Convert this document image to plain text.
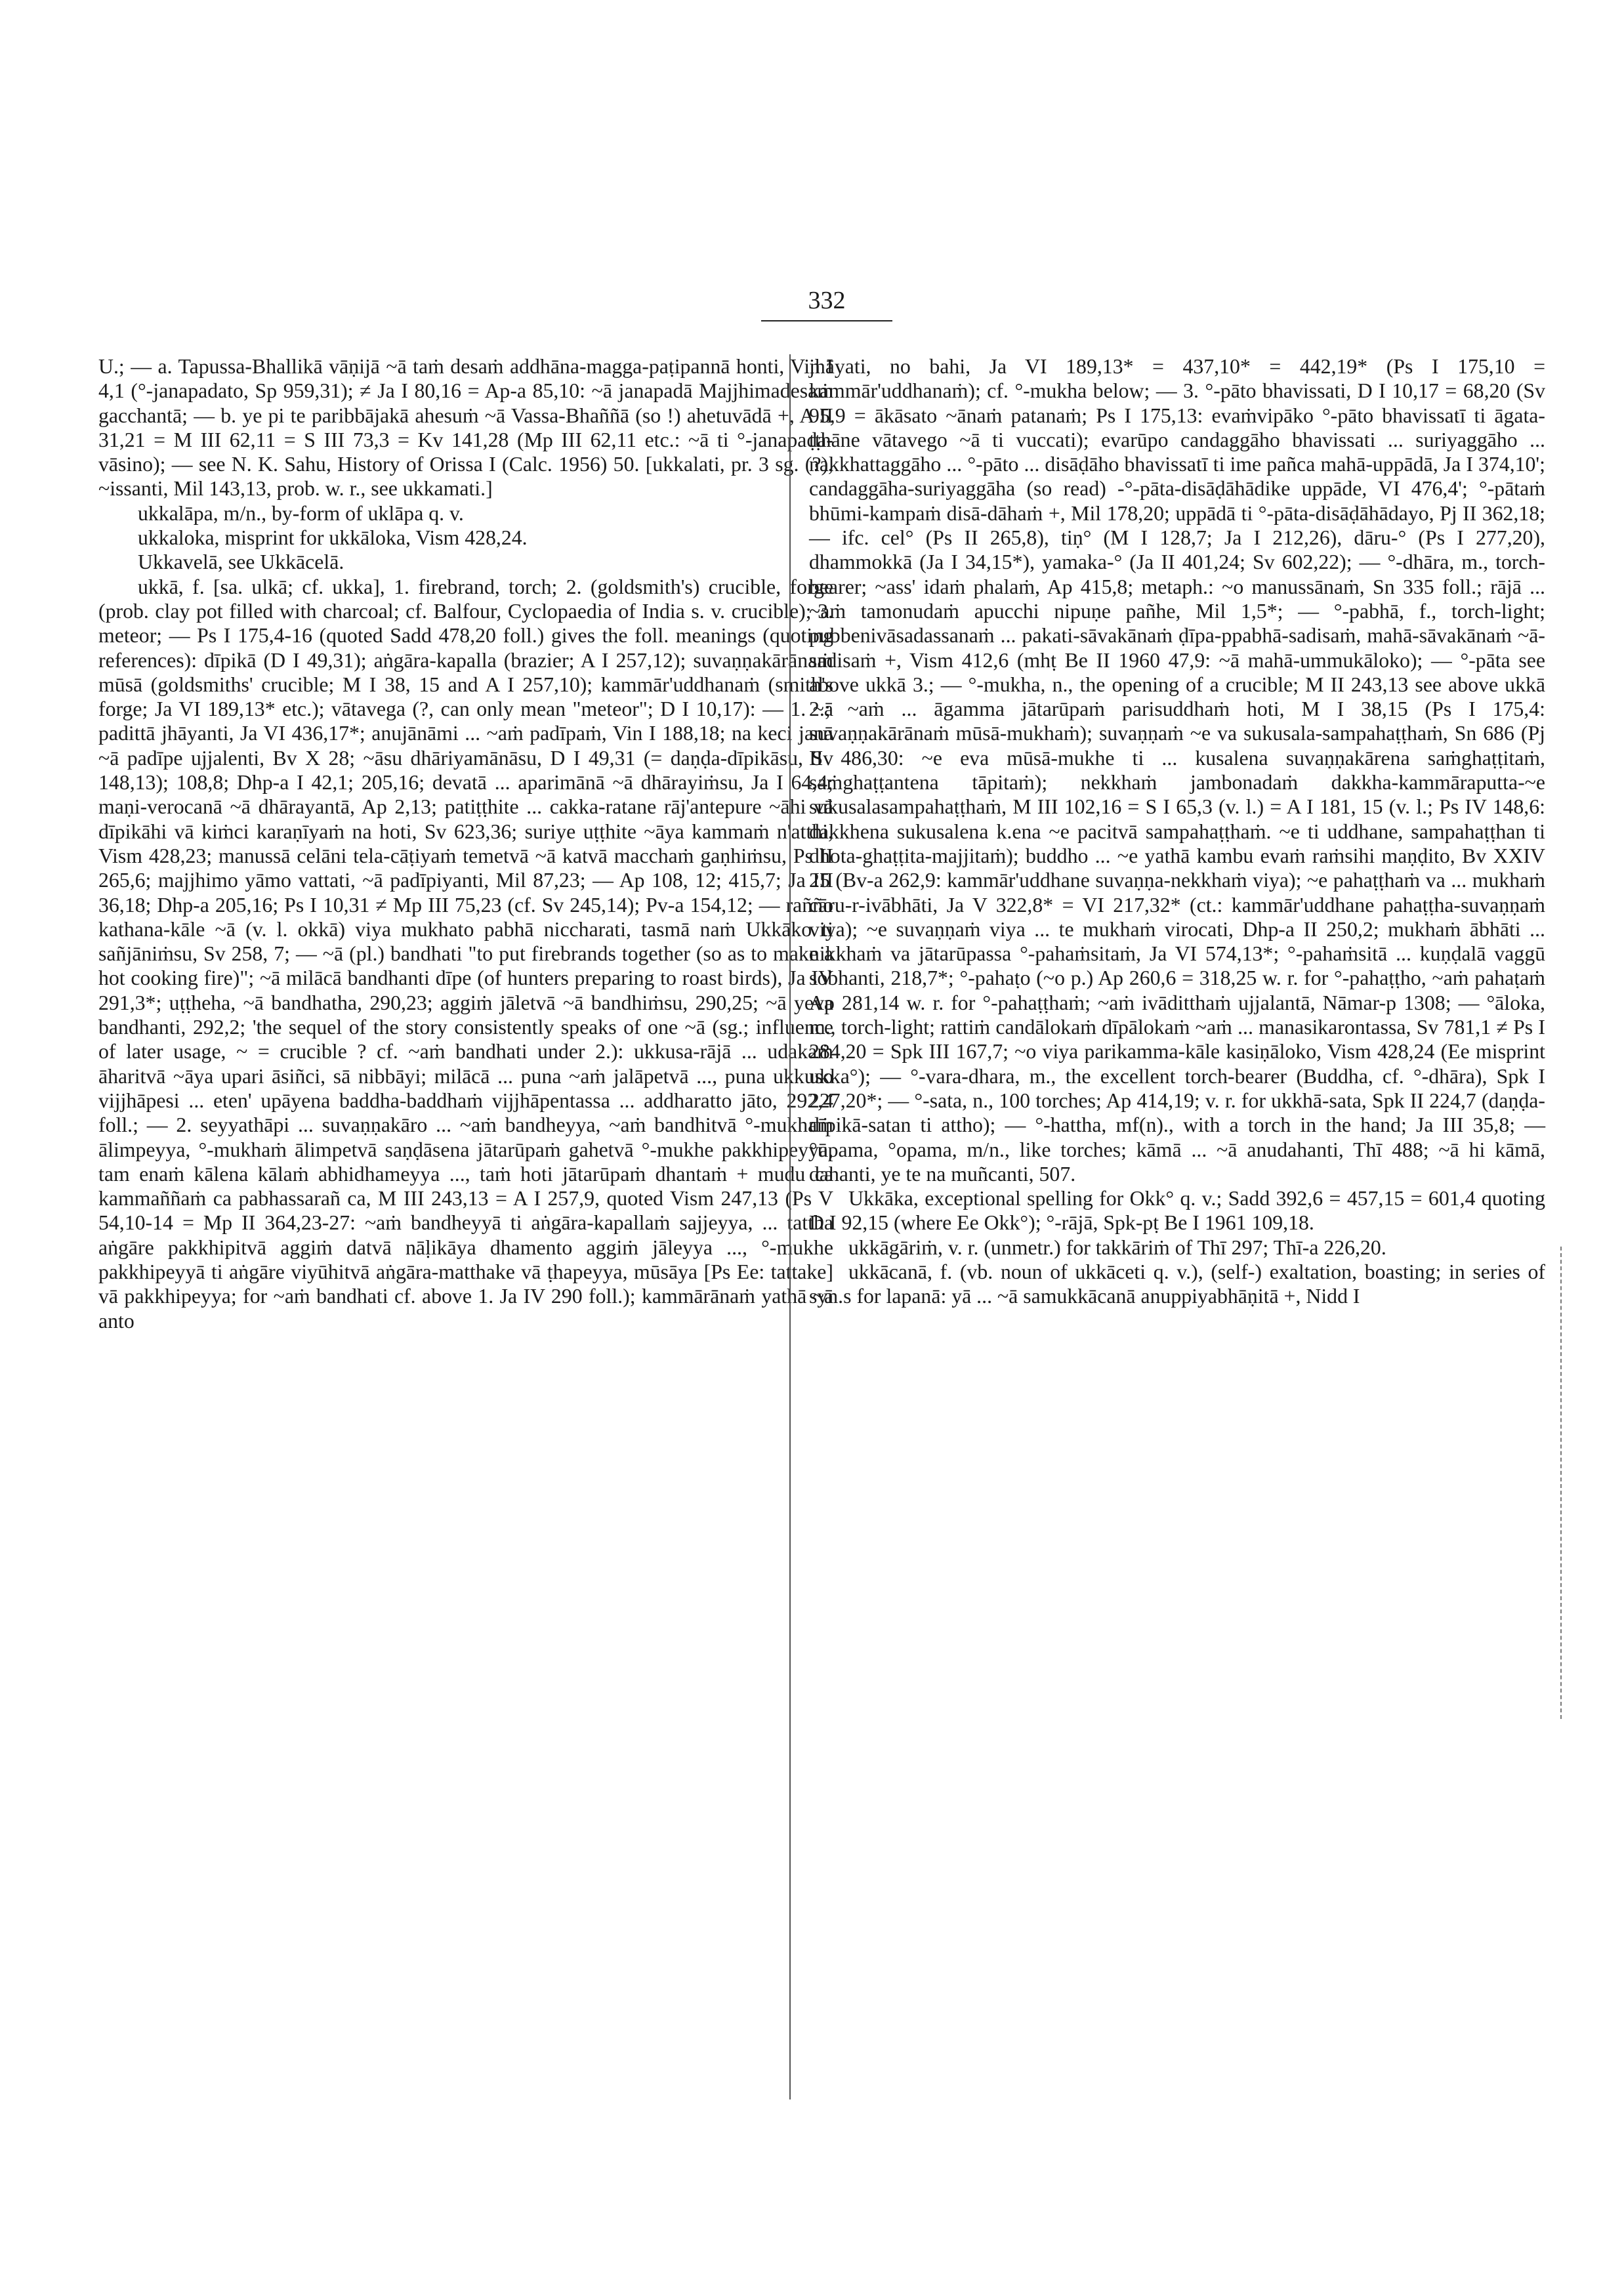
332

U.; — a. Tapussa-Bhallikā vāṇijā ~ā taṁ desaṁ addhāna-magga-paṭipannā honti, Vin I 4,1 (°-janapadato, Sp 959,31); ≠ Ja I 80,16 = Ap-a 85,10: ~ā janapadā Majjhimadesaṁ gacchantā; — b. ye pi te paribbājakā ahesuṁ ~ā Vassa-Bhaññā (so !) ahetuvādā +, A II 31,21 = M III 62,11 = S III 73,3 = Kv 141,28 (Mp III 62,11 etc.: ~ā ti °-janapada-vāsino); — see N. K. Sahu, History of Orissa I (Calc. 1956) 50. [ukkalati, pr. 3 sg. (?), ~issanti, Mil 143,13, prob. w. r., see ukkamati.]

ukkalāpa, m/n., by-form of uklāpa q. v.

ukkaloka, misprint for ukkāloka, Vism 428,24.

Ukkavelā, see Ukkācelā.

ukkā, f. [sa. ulkā; cf. ukka], 1. firebrand, torch; 2. (goldsmith's) crucible, forge (prob. clay pot filled with charcoal; cf. Balfour, Cyclopaedia of India s. v. crucible); 3. meteor; — Ps I 175,4-16 (quoted Sadd 478,20 foll.) gives the foll. meanings (quoting references): dīpikā (D I 49,31); aṅgāra-kapalla (brazier; A I 257,12); suvaṇṇakārānaṁ mūsā (goldsmiths' crucible; M I 38, 15 and A I 257,10); kammār'uddhanaṁ (smith's forge; Ja VI 189,13* etc.); vātavega (?, can only mean "meteor"; D I 10,17): — 1. ~ā padittā jhāyanti, Ja VI 436,17*; anujānāmi ... ~aṁ padīpaṁ, Vin I 188,18; na keci janā ~ā padīpe ujjalenti, Bv X 28; ~āsu dhāriyamānāsu, D I 49,31 (= daṇḍa-dīpikāsu, Sv 148,13); 108,8; Dhp-a I 42,1; 205,16; devatā ... aparimānā ~ā dhārayiṁsu, Ja I 64,4; maṇi-verocanā ~ā dhārayantā, Ap 2,13; patiṭṭhite ... cakka-ratane rāj'antepure ~āhi vā dīpikāhi vā kiṁci karaṇīyaṁ na hoti, Sv 623,36; suriye uṭṭhite ~āya kammaṁ n'atthi, Vism 428,23; manussā celāni tela-cāṭiyaṁ temetvā ~ā katvā macchaṁ gaṇhiṁsu, Ps II 265,6; majjhimo yāmo vattati, ~ā padīpiyanti, Mil 87,23; — Ap 108, 12; 415,7; Ja III 36,18; Dhp-a 205,16; Ps I 10,31 ≠ Mp III 75,23 (cf. Sv 245,14); Pv-a 154,12; — rañño kathana-kāle ~ā (v. l. okkā) viya mukhato pabhā niccharati, tasmā naṁ Ukkāko ti sañjāniṁsu, Sv 258, 7; — ~ā (pl.) bandhati "to put firebrands together (so as to make a hot cooking fire)"; ~ā milācā bandhanti dīpe (of hunters preparing to roast birds), Ja IV 291,3*; uṭṭheha, ~ā bandhatha, 290,23; aggiṁ jāletvā ~ā bandhiṁsu, 290,25; ~ā yeva bandhanti, 292,2; 'the sequel of the story consistently speaks of one ~ā (sg.; influence of later usage, ~ = crucible ? cf. ~aṁ bandhati under 2.): ukkusa-rājā ... udakaṁ āharitvā ~āya upari āsiñci, sā nibbāyi; milācā ... puna ~aṁ jalāpetvā ..., puna ukkuso vijjhāpesi ... eten' upāyena baddha-baddhaṁ vijjhāpentassa ... addharatto jāto, 292,4 foll.; — 2. seyyathāpi ... suvaṇṇakāro ... ~aṁ bandheyya, ~aṁ bandhitvā °-mukhaṁ ālimpeyya, °-mukhaṁ ālimpetvā saṇḍāsena jātarūpaṁ gahetvā °-mukhe pakkhipeyya, tam enaṁ kālena kālaṁ abhidhameyya ..., taṁ hoti jātarūpaṁ dhantaṁ + mudu ca kammaññaṁ ca pabhassarañ ca, M III 243,13 = A I 257,9, quoted Vism 247,13 (Ps V 54,10-14 = Mp II 364,23-27: ~aṁ bandheyyā ti aṅgāra-kapallaṁ sajjeyya, ... tattha aṅgāre pakkhipitvā aggiṁ datvā nāḷikāya dhamento aggiṁ jāleyya ..., °-mukhe pakkhipeyyā ti aṅgāre viyūhitvā aṅgāra-matthake vā ṭhapeyya, mūsāya [Ps Ee: tattake] vā pakkhipeyya; for ~aṁ bandhati cf. above 1. Ja IV 290 foll.); kammārānaṁ yathā ~ā anto

jhāyati, no bahi, Ja VI 189,13* = 437,10* = 442,19* (Ps I 175,10 = kammār'uddhanaṁ); cf. °-mukha below; — 3. °-pāto bhavissati, D I 10,17 = 68,20 (Sv 95,9 = ākāsato ~ānaṁ patanaṁ; Ps I 175,13: evaṁvipāko °-pāto bhavissatī ti āgata-ṭṭhāne vātavego ~ā ti vuccati); evarūpo candaggāho bhavissati ... suriyaggāho ... nakkhattaggāho ... °-pāto ... disāḍāho bhavissatī ti ime pañca mahā-uppādā, Ja I 374,10'; candaggāha-suriyaggāha (so read) -°-pāta-disāḍāhādike uppāde, VI 476,4'; °-pātaṁ bhūmi-kampaṁ disā-dāhaṁ +, Mil 178,20; uppādā ti °-pāta-disāḍāhādayo, Pj II 362,18; — ifc. cel° (Ps II 265,8), tiṇ° (M I 128,7; Ja I 212,26), dāru-° (Ps I 277,20), dhammokkā (Ja I 34,15*), yamaka-° (Ja II 401,24; Sv 602,22); — °-dhāra, m., torch-bearer; ~ass' idaṁ phalaṁ, Ap 415,8; metaph.: ~o manussānaṁ, Sn 335 foll.; rājā ... ~aṁ tamonudaṁ apucchi nipuṇe pañhe, Mil 1,5*; — °-pabhā, f., torch-light; pubbenivāsadassanaṁ ... pakati-sāvakānaṁ ḍīpa-ppabhā-sadisaṁ, mahā-sāvakānaṁ ~ā-sadisaṁ +, Vism 412,6 (mhṭ Be II 1960 47,9: ~ā mahā-ummukāloko); — °-pāta see above ukkā 3.; — °-mukha, n., the opening of a crucible; M II 243,13 see above ukkā 2.; ~aṁ ... āgamma jātarūpaṁ parisuddhaṁ hoti, M I 38,15 (Ps I 175,4: suvaṇṇakārānaṁ mūsā-mukhaṁ); suvaṇṇaṁ ~e va sukusala-sampahaṭṭhaṁ, Sn 686 (Pj II 486,30: ~e eva mūsā-mukhe ti ... kusalena suvaṇṇakārena saṁghaṭṭitaṁ, saṁghaṭṭantena tāpitaṁ); nekkhaṁ jambonadaṁ dakkha-kammāraputta-~e sukusalasampahaṭṭhaṁ, M III 102,16 = S I 65,3 (v. l.) = A I 181, 15 (v. l.; Ps IV 148,6: dakkhena sukusalena k.ena ~e pacitvā sampahaṭṭhaṁ. ~e ti uddhane, sampahaṭṭhan ti dhota-ghaṭṭita-majjitaṁ); buddho ... ~e yathā kambu evaṁ raṁsihi maṇḍito, Bv XXIV 25 (Bv-a 262,9: kammār'uddhane suvaṇṇa-nekkhaṁ viya); ~e pahaṭṭhaṁ va ... mukhaṁ cāru-r-ivābhāti, Ja V 322,8* = VI 217,32* (ct.: kammār'uddhane pahaṭṭha-suvaṇṇaṁ viya); ~e suvaṇṇaṁ viya ... te mukhaṁ virocati, Dhp-a II 250,2; mukhaṁ ābhāti ... nikkhaṁ va jātarūpassa °-pahaṁsitaṁ, Ja VI 574,13*; °-pahaṁsitā ... kuṇḍalā vaggū sobhanti, 218,7*; °-pahaṭo (~o p.) Ap 260,6 = 318,25 w. r. for °-pahaṭṭho, ~aṁ pahaṭaṁ Ap 281,14 w. r. for °-pahaṭṭhaṁ; ~aṁ ivāditthaṁ ujjalantā, Nāmar-p 1308; — °āloka, m., torch-light; rattiṁ candālokaṁ dīpālokaṁ ~aṁ ... manasikarontassa, Sv 781,1 ≠ Ps I 284,20 = Spk III 167,7; ~o viya parikamma-kāle kasiṇāloko, Vism 428,24 (Ee misprint ukka°); — °-vara-dhara, m., the excellent torch-bearer (Buddha, cf. °-dhāra), Spk I 227,20*; — °-sata, n., 100 torches; Ap 414,19; v. r. for ukkhā-sata, Spk II 224,7 (daṇḍa-dīpikā-satan ti attho); — °-hattha, mf(n)., with a torch in the hand; Ja III 35,8; — °ūpama, °opama, m/n., like torches; kāmā ... ~ā anudahanti, Thī 488; ~ā hi kāmā, dahanti, ye te na muñcanti, 507.

Ukkāka, exceptional spelling for Okk° q. v.; Sadd 392,6 = 457,15 = 601,4 quoting D I 92,15 (where Ee Okk°); °-rājā, Spk-pṭ Be I 1961 109,18.

ukkāgāriṁ, v. r. (unmetr.) for takkāriṁ of Thī 297; Thī-a 226,20.

ukkācanā, f. (vb. noun of ukkāceti q. v.), (self-) exaltation, boasting; in series of syn.s for lapanā: yā ... ~ā samukkācanā anuppiyabhāṇitā +, Nidd I
